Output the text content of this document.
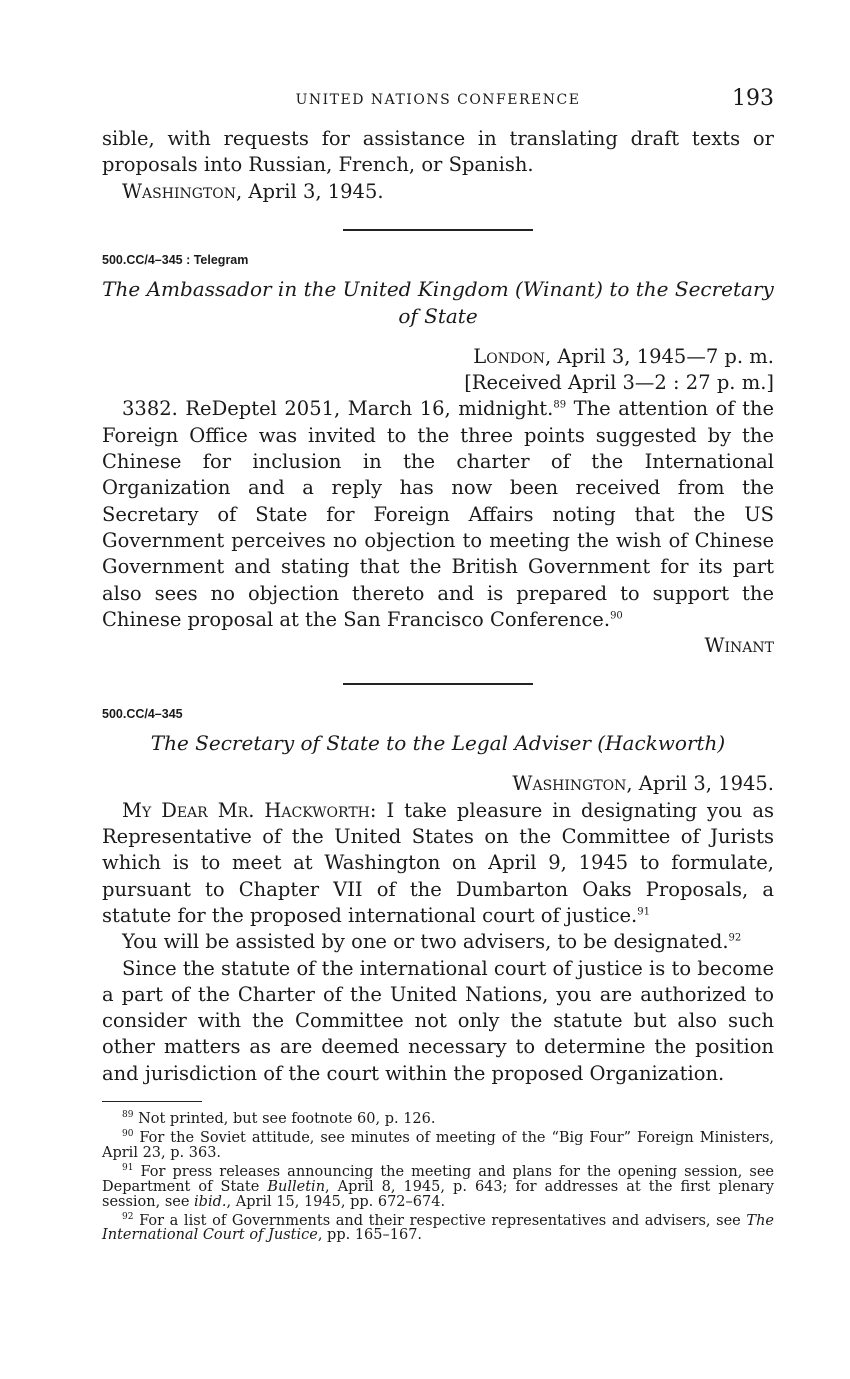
UNITED NATIONS CONFERENCE	193

sible, with requests for assistance in translating draft texts or proposals into Russian, French, or Spanish.

Washington, April 3, 1945.

500.CC/4–345 : Telegram
The Ambassador in the United Kingdom (Winant) to the Secretary of State
London, April 3, 1945—7 p. m.
[Received April 3—2 : 27 p. m.]

3382. ReDeptel 2051, March 16, midnight.$^{89}$ The attention of the Foreign Office was invited to the three points suggested by the Chinese for inclusion in the charter of the International Organization and a reply has now been received from the Secretary of State for Foreign Affairs noting that the US Government perceives no objection to meeting the wish of Chinese Government and stating that the British Government for its part also sees no objection thereto and is prepared to support the Chinese proposal at the San Francisco Conference.$^{90}$

Winant
500.CC/4–345
The Secretary of State to the Legal Adviser (Hackworth)
Washington, April 3, 1945.

My Dear Mr. Hackworth: I take pleasure in designating you as Representative of the United States on the Committee of Jurists which is to meet at Washington on April 9, 1945 to formulate, pursuant to Chapter VII of the Dumbarton Oaks Proposals, a statute for the proposed international court of justice.$^{91}$

You will be assisted by one or two advisers, to be designated.$^{92}$

Since the statute of the international court of justice is to become a part of the Charter of the United Nations, you are authorized to consider with the Committee not only the statute but also such other matters as are deemed necessary to determine the position and jurisdiction of the court within the proposed Organization.

$^{89}$ Not printed, but see footnote 60, p. 126.

$^{90}$ For the Soviet attitude, see minutes of meeting of the “Big Four” Foreign Ministers, April 23, p. 363.

$^{91}$ For press releases announcing the meeting and plans for the opening session, see Department of State Bulletin, April 8, 1945, p. 643; for addresses at the first plenary session, see ibid., April 15, 1945, pp. 672–674.

$^{92}$ For a list of Governments and their respective representatives and advisers, see The International Court of Justice, pp. 165–167.
